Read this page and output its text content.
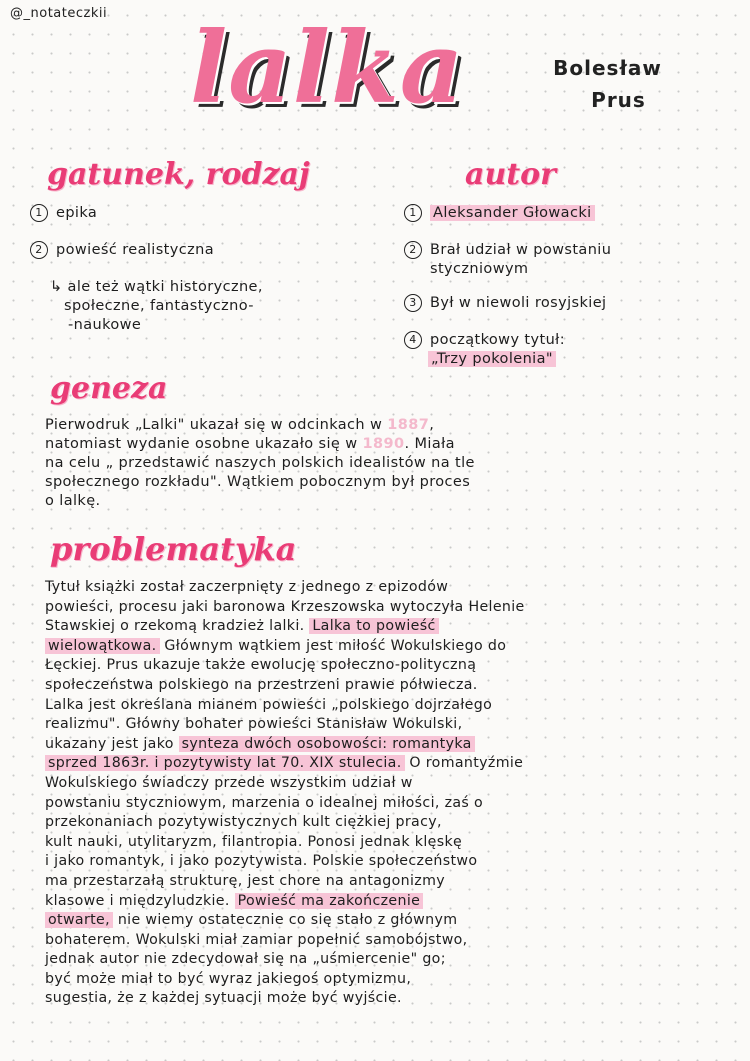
@_notateczkii lalka	Bolesław
Prus
gatunek, rodzaj
1 epika
2 powieść realistyczna
↳ ale też wątki historyczne,
społeczne, fantastyczno-
-naukowe
autor
1 Aleksander Głowacki
2 Brał udział w powstaniu
styczniowym
3 Był w niewoli rosyjskiej
4 początkowy tytuł:
„Trzy pokolenia"
geneza

Pierwodruk „Lalki" ukazał się w odcinkach w 1887,

natomiast wydanie osobne ukazało się w 1890. Miała

na celu „ przedstawić naszych polskich idealistów na tle

społecznego rozkładu". Wątkiem pobocznym był proces

o lalkę.

problematyka

Tytuł książki został zaczerpnięty z jednego z epizodów

powieści, procesu jaki baronowa Krzeszowska wytoczyła Helenie

Stawskiej o rzekomą kradzież lalki. Lalka to powieść

wielowątkowa. Głównym wątkiem jest miłość Wokulskiego do

Łęckiej. Prus ukazuje także ewolucję społeczno-polityczną

społeczeństwa polskiego na przestrzeni prawie półwiecza.

Lalka jest określana mianem powieści „polskiego dojrzałego

realizmu". Główny bohater powieści Stanisław Wokulski,

ukazany jest jako synteza dwóch osobowości: romantyka

sprzed 1863r. i pozytywisty lat 70. XIX stulecia. O romantyźmie

Wokulskiego świadczy przede wszystkim udział w

powstaniu styczniowym, marzenia o idealnej miłości, zaś o

przekonaniach pozytywistycznych kult ciężkiej pracy,

kult nauki, utylitaryzm, filantropia. Ponosi jednak klęskę

i jako romantyk, i jako pozytywista. Polskie społeczeństwo

ma przestarzałą strukturę, jest chore na antagonizmy

klasowe i międzyludzkie. Powieść ma zakończenie

otwarte, nie wiemy ostatecznie co się stało z głównym

bohaterem. Wokulski miał zamiar popełnić samobójstwo,

jednak autor nie zdecydował się na „uśmiercenie" go;

być może miał to być wyraz jakiegoś optymizmu,

sugestia, że z każdej sytuacji może być wyjście.
